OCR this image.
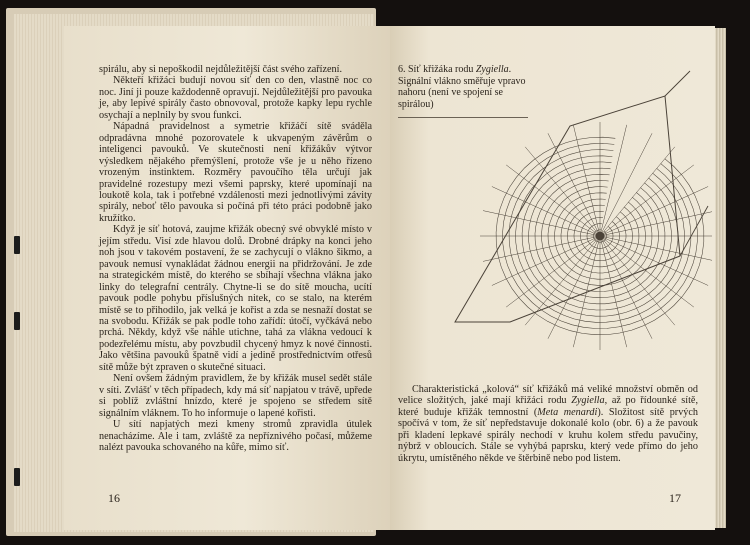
spirálu, aby si nepoškodil nejdůležitější část svého zařízení.

Někteří křižáci budují novou síť den co den, vlastně noc co noc. Jiní ji pouze každodenně opravují. Nejdůležitější pro pavouka je, aby lepivé spirály často obnovoval, protože kapky lepu rychle osychají a neplnily by svou funkci.

Nápadná pravidelnost a symetrie křižáčí sítě sváděla odpradávna mnohé pozorovatele k ukvapeným závěrům o inteligenci pavouků. Ve skutečnosti není křižákův výtvor výsledkem nějakého přemýšlení, protože vše je u něho řízeno vrozeným instinktem. Rozměry pavoučího těla určují jak pravidelné rozestupy mezi všemi paprsky, které upomínají na loukotě kola, tak i potřebné vzdálenosti mezi jednotlivými závity spirály, neboť tělo pavouka si počíná při této práci podobně jako kružítko.

Když je síť hotová, zaujme křižák obecný své obvyklé místo v jejím středu. Visí zde hlavou dolů. Drobné drápky na konci jeho noh jsou v takovém postavení, že se zachycují o vlákno šikmo, a pavouk nemusí vynakládat žádnou energii na přidržování. Je zde na strategickém místě, do kterého se sbíhají všechna vlákna jako linky do telegrafní centrály. Chytne-li se do sítě moucha, ucítí pavouk podle pohybu příslušných nitek, co se stalo, na kterém místě se to přihodilo, jak velká je kořist a zda se nesnaží dostat se na svobodu. Křižák se pak podle toho zařídí: útočí, vyčkává nebo prchá. Někdy, když vše náhle utichne, tahá za vlákna vedoucí k podezřelému místu, aby povzbudil chycený hmyz k nové činnosti. Jako většina pavouků špatně vidí a jedině prostřednictvím otřesů sítě může být zpraven o skutečné situaci.

Není ovšem žádným pravidlem, že by křižák musel sedět stále v síti. Zvlášť v těch případech, kdy má síť napjatou v trávě, upřede si poblíž zvláštní hnízdo, které je spojeno se středem sítě signálním vláknem. To ho informuje o lapené kořisti.

U sítí napjatých mezi kmeny stromů zpravidla útulek nenacházíme. Ale i tam, zvláště za nepříznivého počasí, můžeme nalézt pavouka schovaného na kůře, mimo síť.

16
6. Síť křižáka rodu Zygiella. Signální vlákno směřuje vpravo nahoru (není ve spojení se spirálou)

Charakteristická „kolová“ síť křižáků má veliké množství obměn od velice složitých, jaké mají křižáci rodu Zygiella, až po řídounké sítě, které buduje křižák temnostní (Meta menardi). Složitost sítě prvých spočívá v tom, že síť nepředstavuje dokonalé kolo (obr. 6) a že pavouk při kladení lepkavé spirály nechodí v kruhu kolem středu pavučiny, nýbrž v obloucích. Stále se vyhýbá paprsku, který vede přímo do jeho úkrytu, umístěného někde ve štěrbině nebo pod listem.

17
